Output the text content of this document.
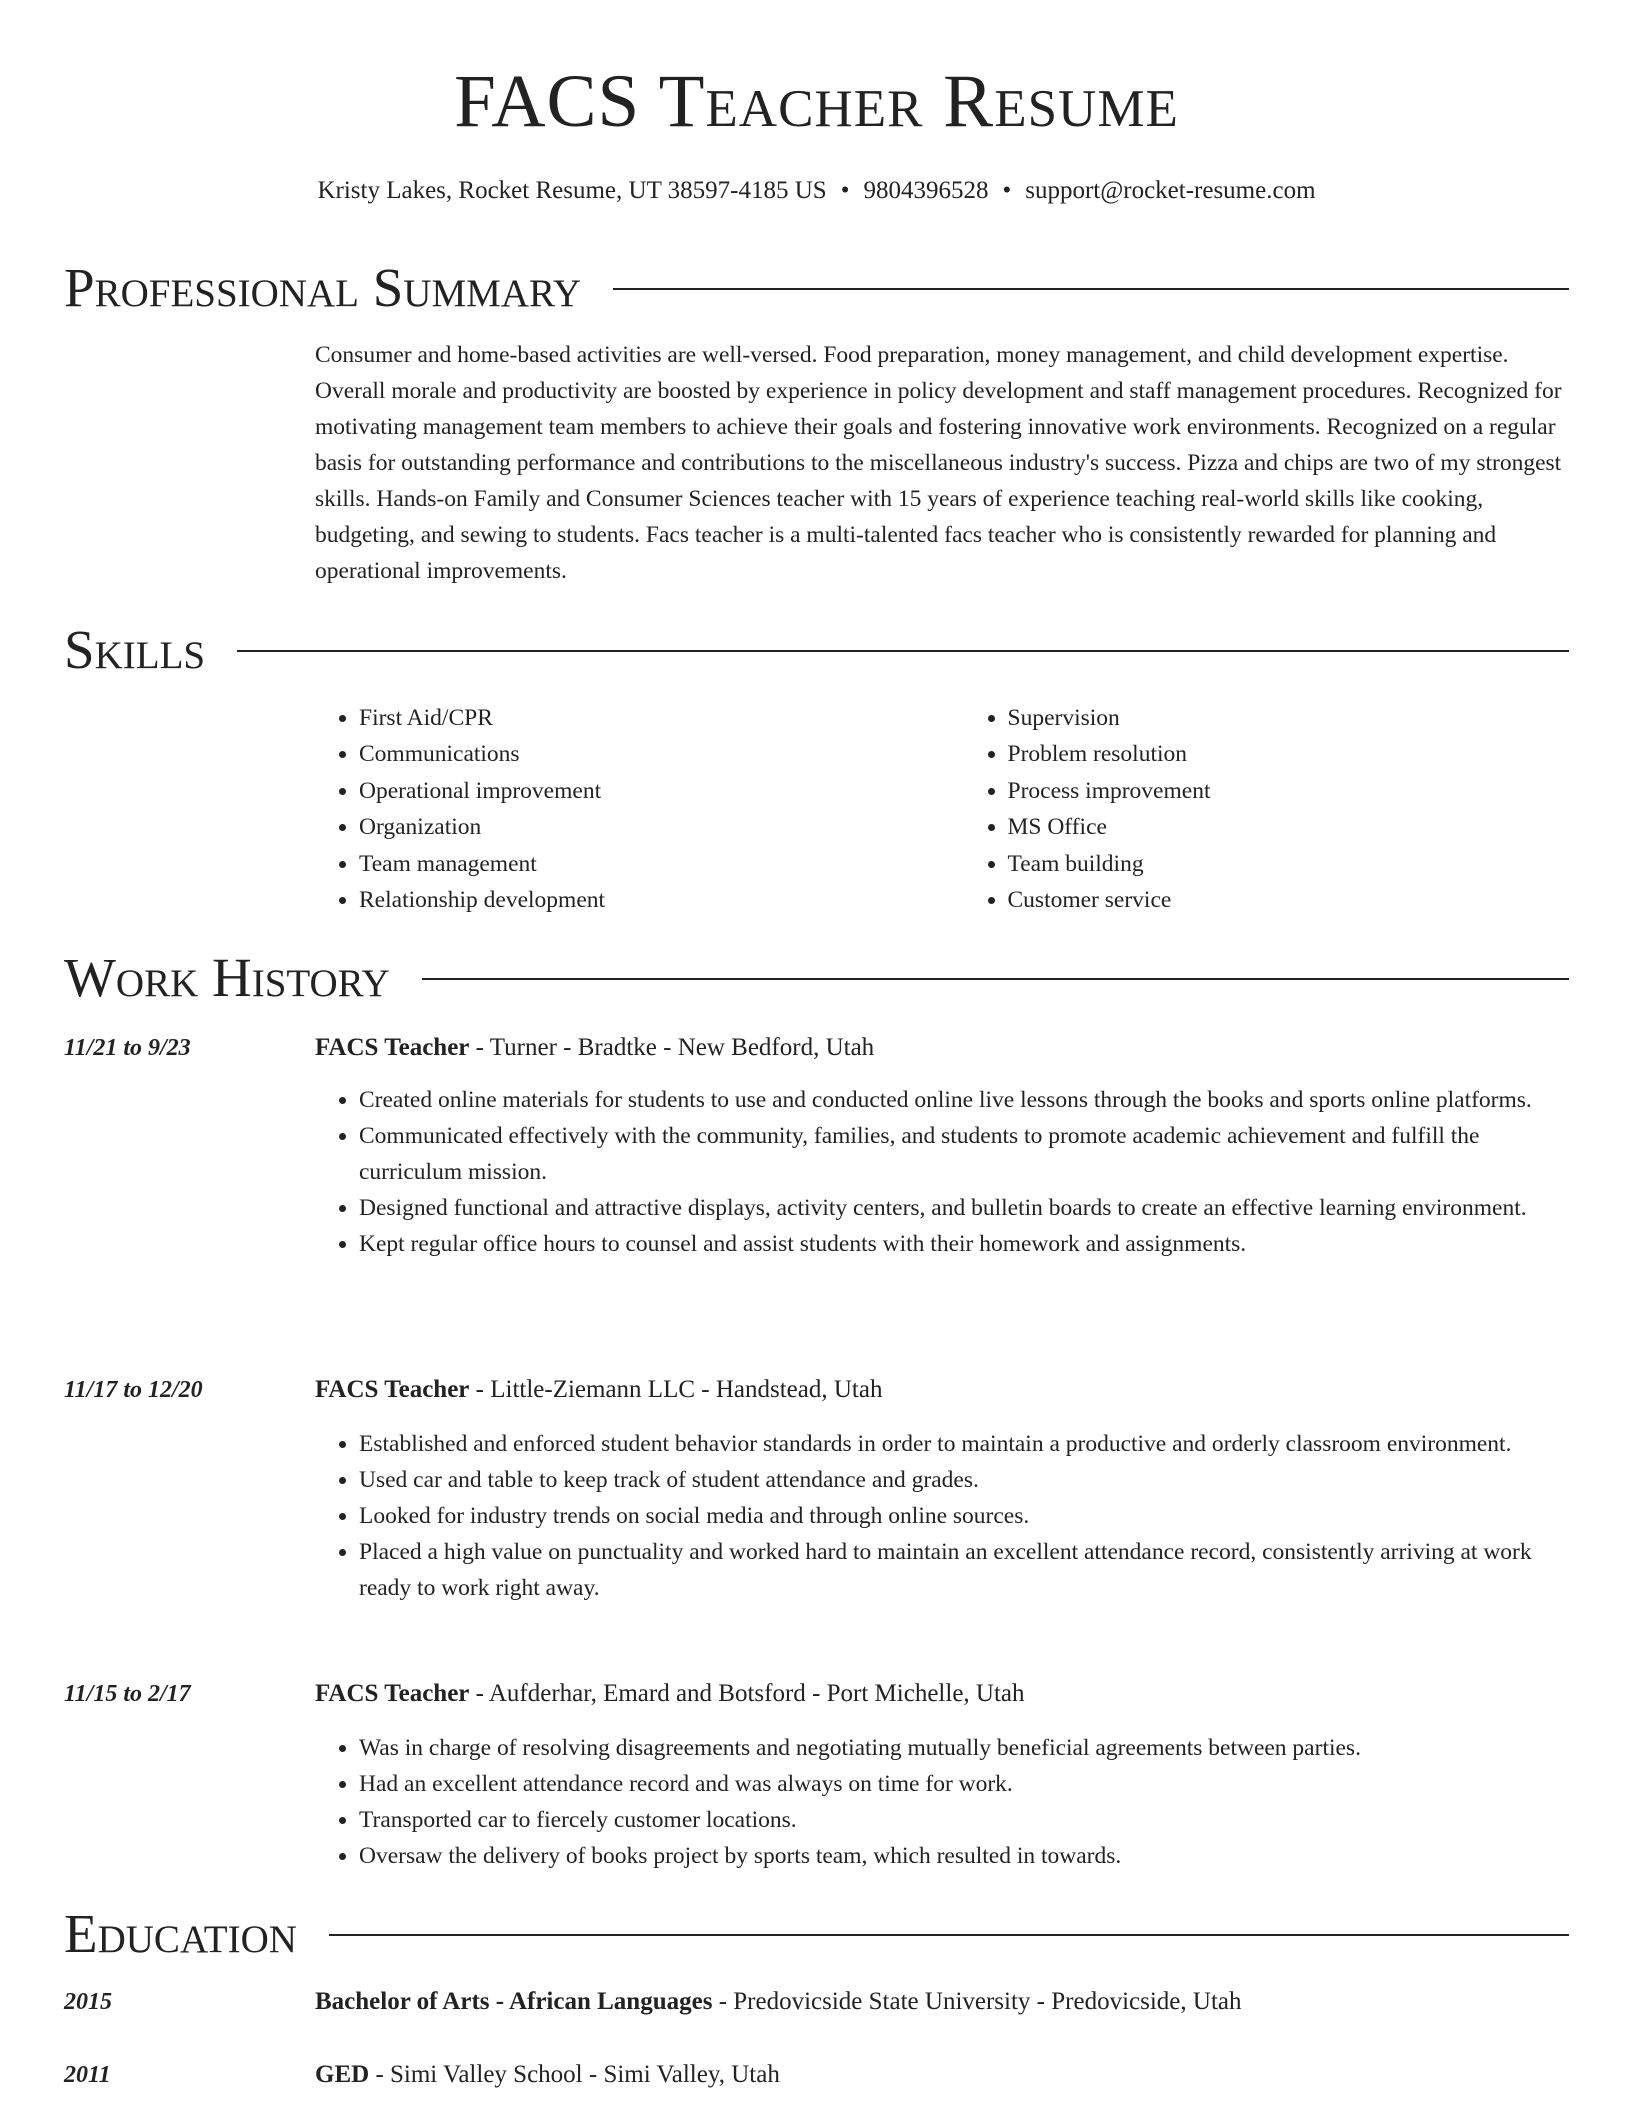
FACS Teacher Resume
Kristy Lakes, Rocket Resume, UT 38597-4185 US • 9804396528 • support@rocket-resume.com
Professional Summary

Consumer and home-based activities are well-versed. Food preparation, money management, and child development expertise. Overall morale and productivity are boosted by experience in policy development and staff management procedures. Recognized for motivating management team members to achieve their goals and fostering innovative work environments. Recognized on a regular basis for outstanding performance and contributions to the miscellaneous industry's success. Pizza and chips are two of my strongest skills. Hands-on Family and Consumer Sciences teacher with 15 years of experience teaching real-world skills like cooking, budgeting, and sewing to students. Facs teacher is a multi-talented facs teacher who is consistently rewarded for planning and operational improvements.

Skills
• First Aid/CPR
• Communications
• Operational improvement
• Organization
• Team management
• Relationship development
• Supervision
• Problem resolution
• Process improvement
• MS Office
• Team building
• Customer service
Work History
11/21 to 9/23	FACS Teacher - Turner - Bradtke - New Bedford, Utah
• Created online materials for students to use and conducted online live lessons through the books and sports online platforms.
• Communicated effectively with the community, families, and students to promote academic achievement and fulfill the curriculum mission.
• Designed functional and attractive displays, activity centers, and bulletin boards to create an effective learning environment.
• Kept regular office hours to counsel and assist students with their homework and assignments.
11/17 to 12/20	FACS Teacher - Little-Ziemann LLC - Handstead, Utah
• Established and enforced student behavior standards in order to maintain a productive and orderly classroom environment.
• Used car and table to keep track of student attendance and grades.
• Looked for industry trends on social media and through online sources.
• Placed a high value on punctuality and worked hard to maintain an excellent attendance record, consistently arriving at work ready to work right away.
11/15 to 2/17	FACS Teacher - Aufderhar, Emard and Botsford - Port Michelle, Utah
• Was in charge of resolving disagreements and negotiating mutually beneficial agreements between parties.
• Had an excellent attendance record and was always on time for work.
• Transported car to fiercely customer locations.
• Oversaw the delivery of books project by sports team, which resulted in towards.
Education
2015	Bachelor of Arts - African Languages - Predovicside State University - Predovicside, Utah
2011	GED - Simi Valley School - Simi Valley, Utah
